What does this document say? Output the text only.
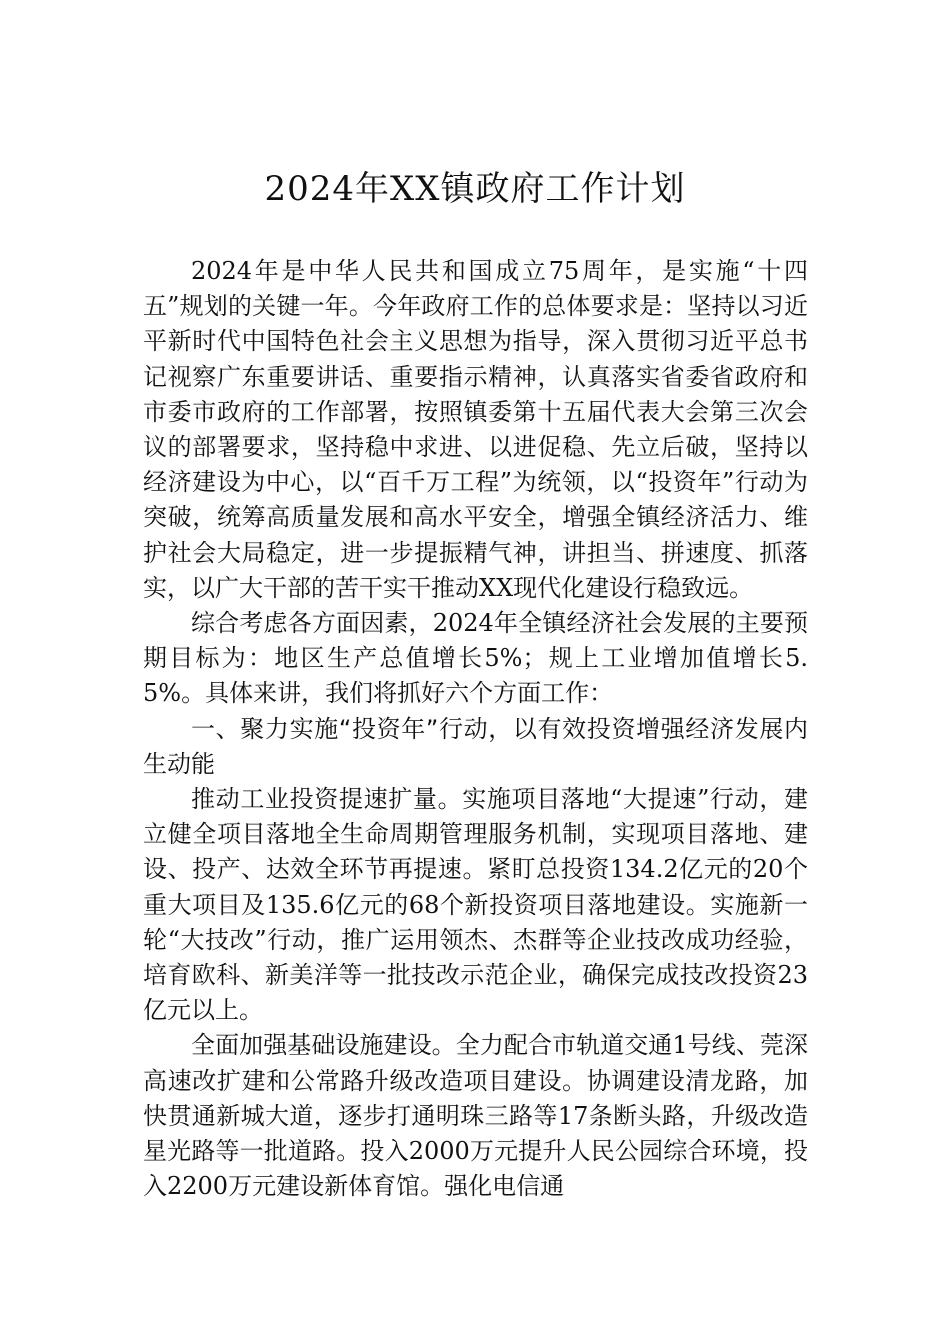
2024年XX镇政府工作计划

2024年是中华人民共和国成立75周年，是实施“十四五”规划的关键一年。今年政府工作的总体要求是：坚持以习近平新时代中国特色社会主义思想为指导，深入贯彻习近平总书记视察广东重要讲话、重要指示精神，认真落实省委省政府和市委市政府的工作部署，按照镇委第十五届代表大会第三次会议的部署要求，坚持稳中求进、以进促稳、先立后破，坚持以经济建设为中心，以“百千万工程”为统领，以“投资年”行动为突破，统筹高质量发展和高水平安全，增强全镇经济活力、维护社会大局稳定，进一步提振精气神，讲担当、拼速度、抓落实，以广大干部的苦干实干推动XX现代化建设行稳致远。

综合考虑各方面因素，2024年全镇经济社会发展的主要预期目标为：地区生产总值增长5%；规上工业增加值增长5.5%。具体来讲，我们将抓好六个方面工作：

一、聚力实施“投资年”行动，以有效投资增强经济发展内生动能

推动工业投资提速扩量。实施项目落地“大提速”行动，建立健全项目落地全生命周期管理服务机制，实现项目落地、建设、投产、达效全环节再提速。紧盯总投资134.2亿元的20个重大项目及135.6亿元的68个新投资项目落地建设。实施新一轮“大技改”行动，推广运用领杰、杰群等企业技改成功经验，培育欧科、新美洋等一批技改示范企业，确保完成技改投资23亿元以上。

全面加强基础设施建设。全力配合市轨道交通1号线、莞深高速改扩建和公常路升级改造项目建设。协调建设清龙路，加快贯通新城大道，逐步打通明珠三路等17条断头路，升级改造星光路等一批道路。投入2000万元提升人民公园综合环境，投入2200万元建设新体育馆。强化电信通
